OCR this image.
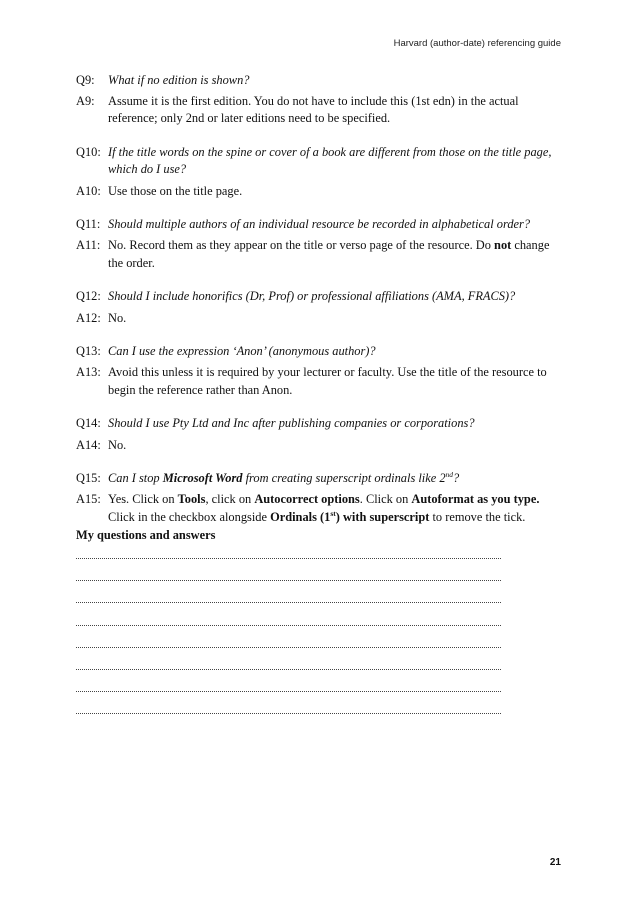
Harvard (author-date) referencing guide
Q9:	What if no edition is shown?
A9:	Assume it is the first edition. You do not have to include this (1st edn) in the actual reference; only 2nd or later editions need to be specified.
Q10: If the title words on the spine or cover of a book are different from those on the title page, which do I use?
A10: Use those on the title page.
Q11: Should multiple authors of an individual resource be recorded in alphabetical order?
A11: No. Record them as they appear on the title or verso page of the resource. Do not change the order.
Q12: Should I include honorifics (Dr, Prof) or professional affiliations (AMA, FRACS)?
A12: No.
Q13: Can I use the expression ‘Anon’ (anonymous author)?
A13: Avoid this unless it is required by your lecturer or faculty. Use the title of the resource to begin the reference rather than Anon.
Q14: Should I use Pty Ltd and Inc after publishing companies or corporations?
A14: No.
Q15: Can I stop Microsoft Word from creating superscript ordinals like 2nd?
A15: Yes. Click on Tools, click on Autocorrect options. Click on Autoformat as you type. Click in the checkbox alongside Ordinals (1st) with superscript to remove the tick.
My questions and answers
21
